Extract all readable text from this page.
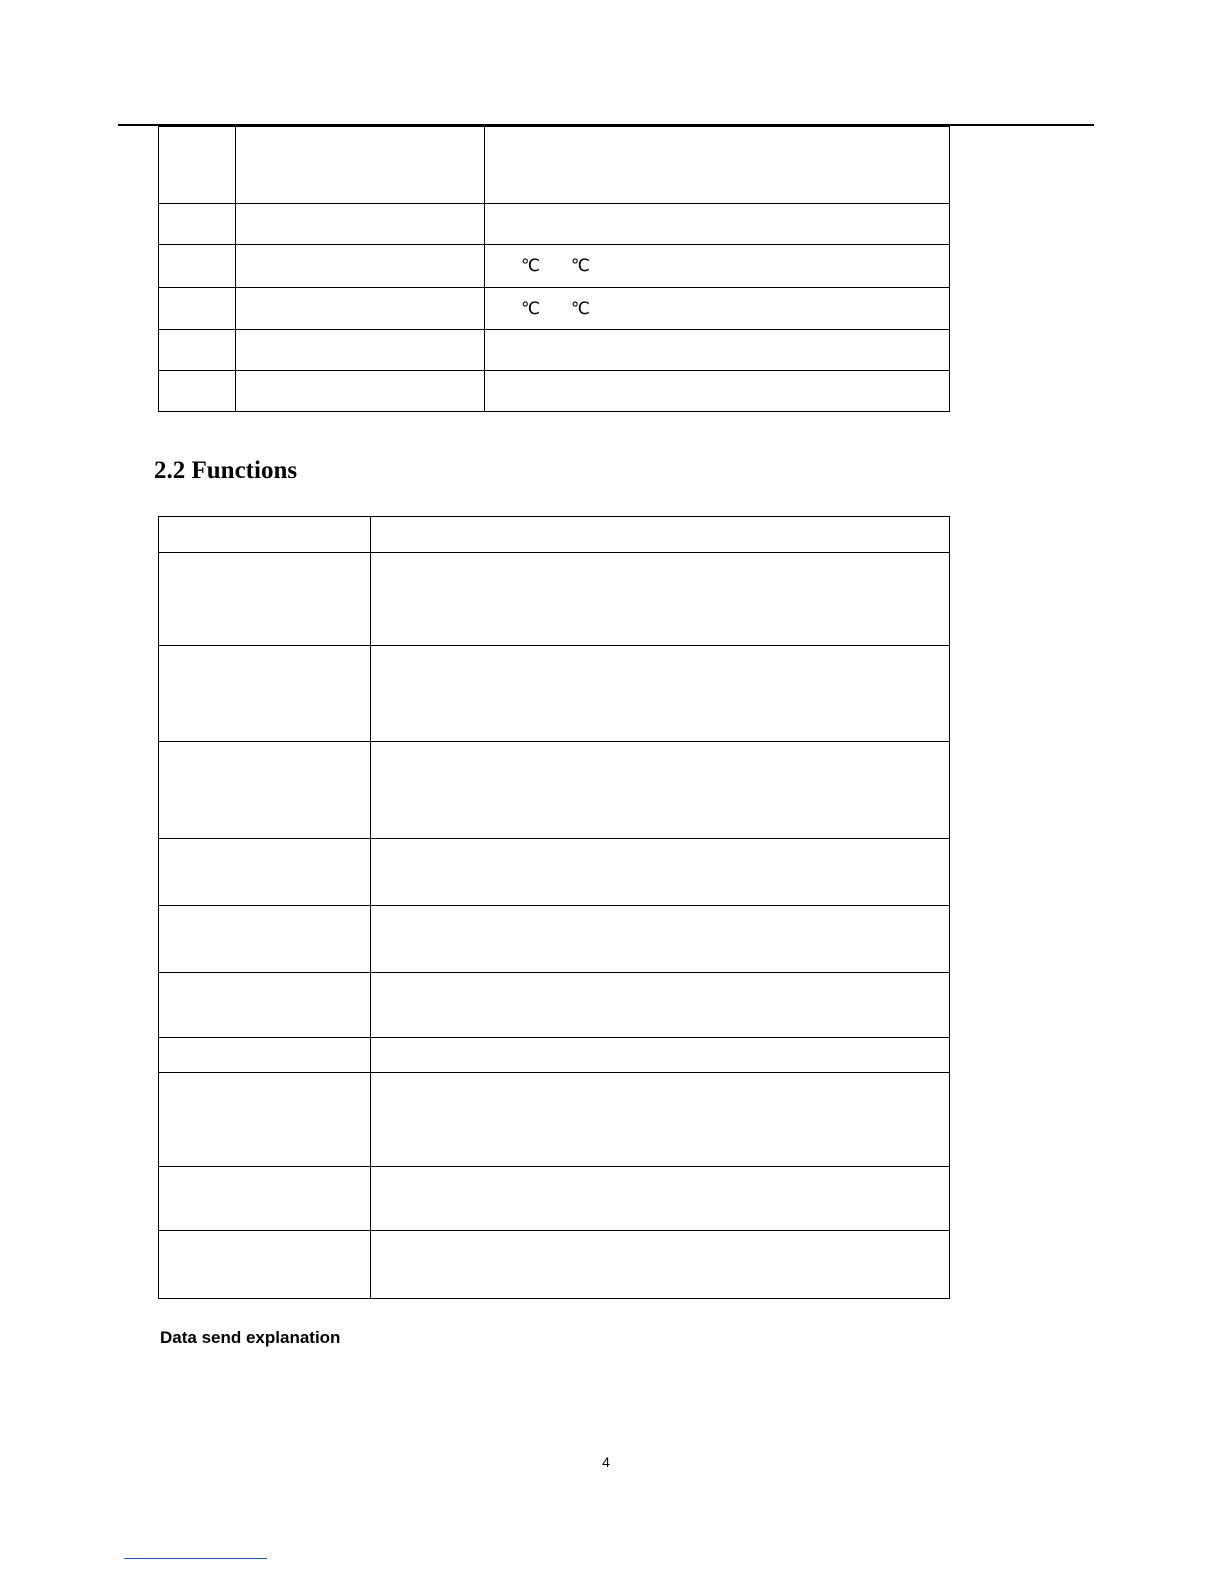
		℃ ℃
		℃ ℃

2.2 Functions

Data send explanation

4
